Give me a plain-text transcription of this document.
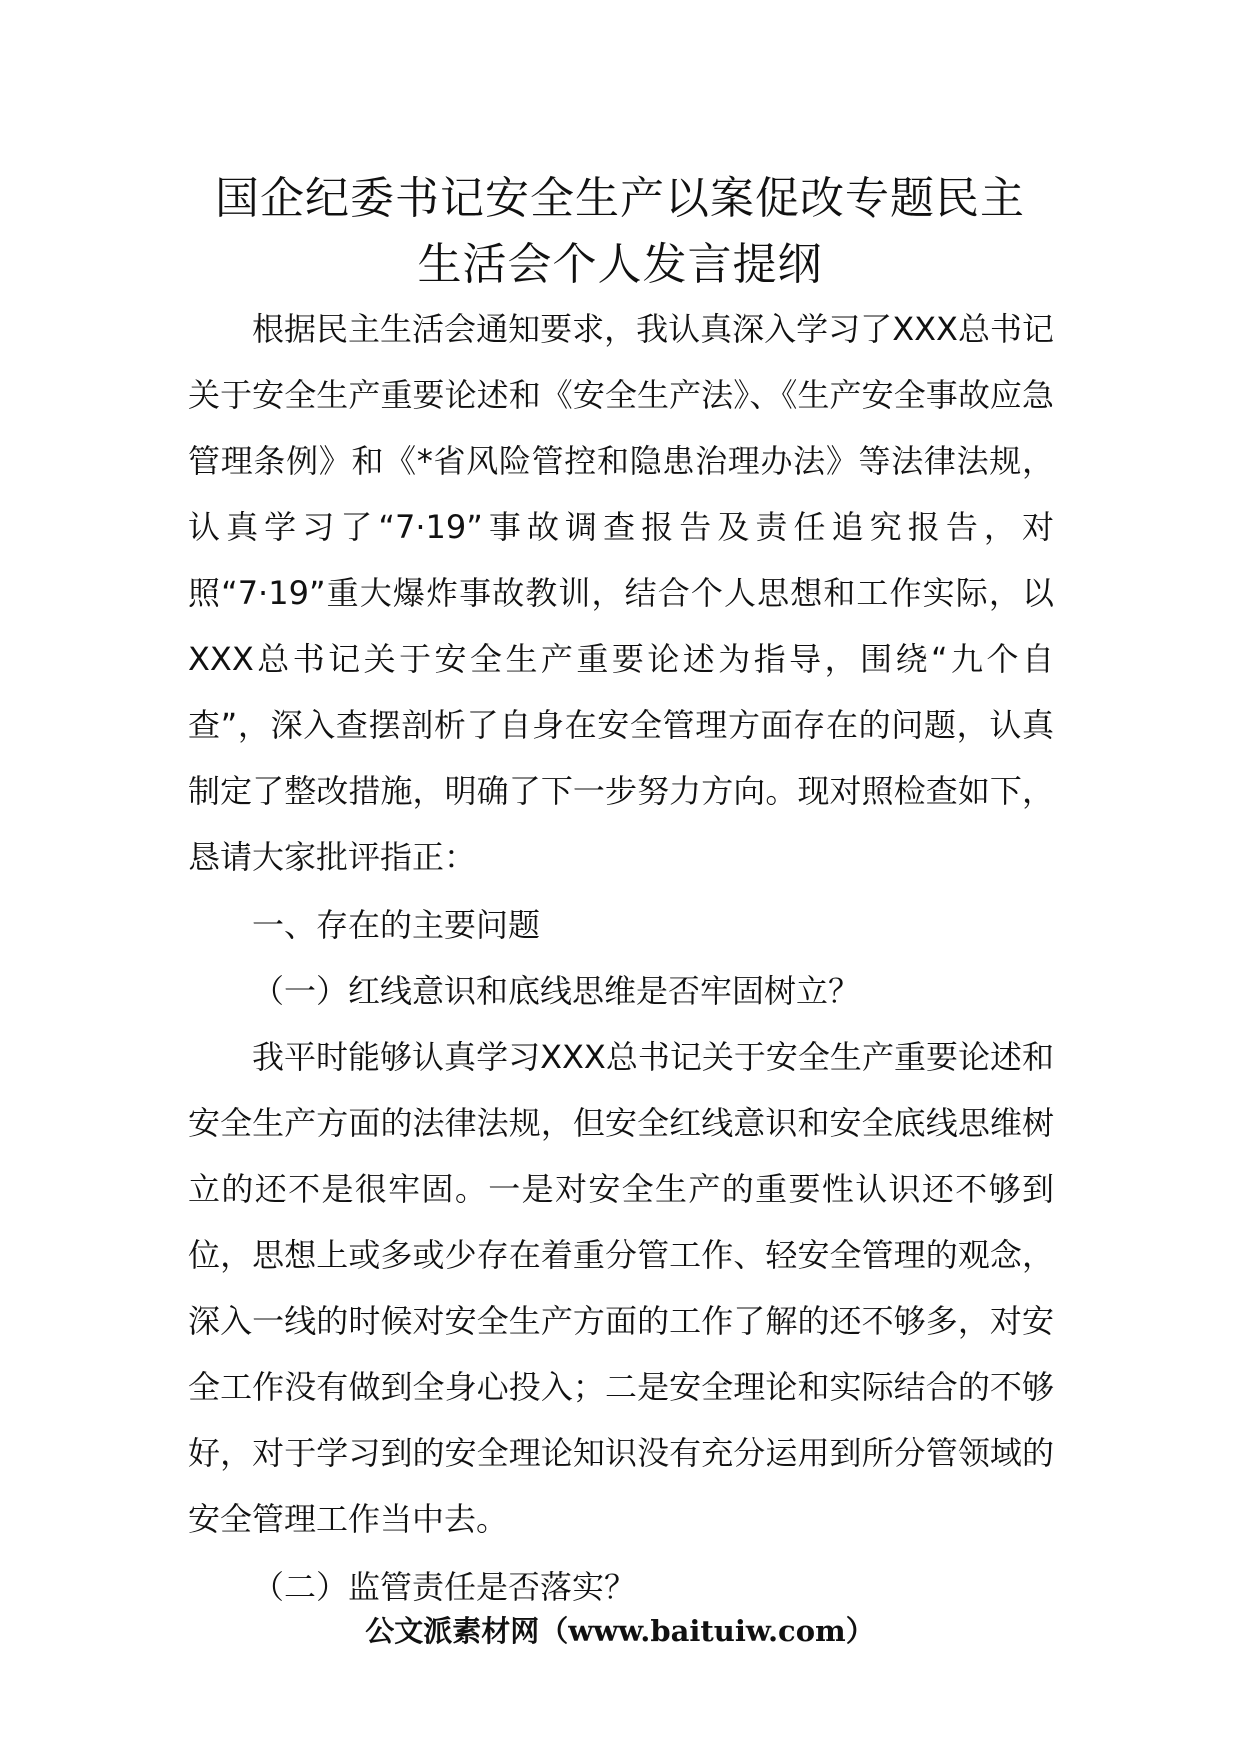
国企纪委书记安全生产以案促改专题民主
生活会个人发言提纲

根据民主生活会通知要求，我认真深入学习了XXX总书记关于安全生产重要论述和《安全生产法》、《生产安全事故应急管理条例》和《*省风险管控和隐患治理办法》等法律法规，认真学习了“7·19”事故调查报告及责任追究报告，对照“7·19”重大爆炸事故教训，结合个人思想和工作实际，以XXX总书记关于安全生产重要论述为指导，围绕“九个自查”，深入查摆剖析了自身在安全管理方面存在的问题，认真制定了整改措施，明确了下一步努力方向。现对照检查如下，恳请大家批评指正：

一、存在的主要问题

（一）红线意识和底线思维是否牢固树立？

我平时能够认真学习XXX总书记关于安全生产重要论述和安全生产方面的法律法规，但安全红线意识和安全底线思维树立的还不是很牢固。一是对安全生产的重要性认识还不够到位，思想上或多或少存在着重分管工作、轻安全管理的观念，深入一线的时候对安全生产方面的工作了解的还不够多，对安全工作没有做到全身心投入；二是安全理论和实际结合的不够好，对于学习到的安全理论知识没有充分运用到所分管领域的安全管理工作当中去。

（二）监管责任是否落实？

公文派素材网（www.baituiw.com）
